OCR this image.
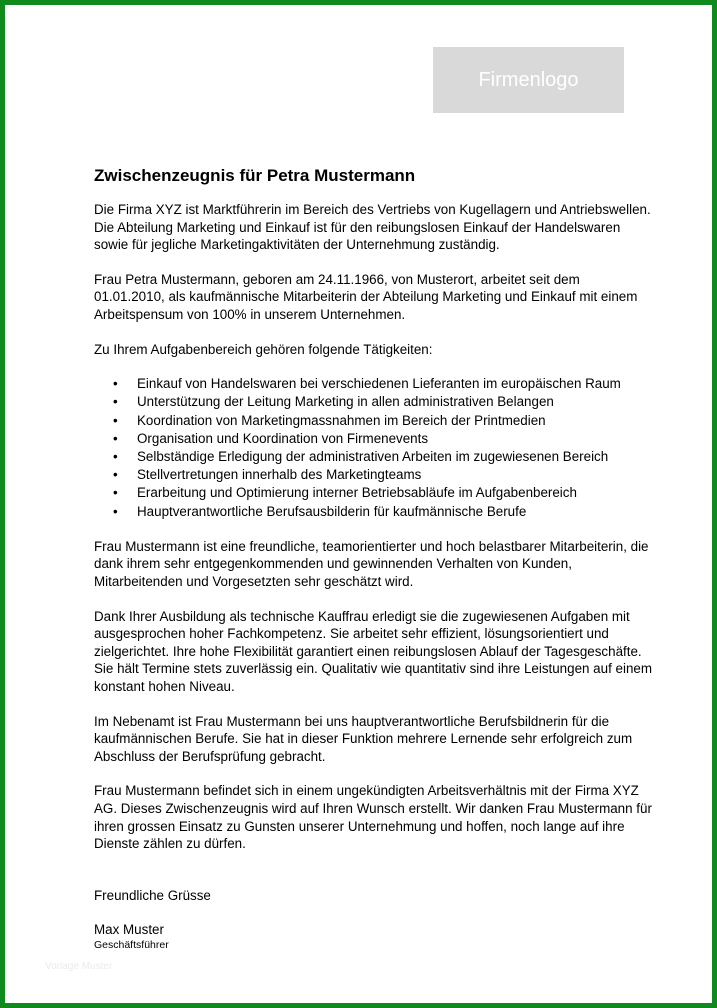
Firmenlogo
Zwischenzeugnis für Petra Mustermann

Die Firma XYZ ist Marktführerin im Bereich des Vertriebs von Kugellagern und Antriebswellen. Die Abteilung Marketing und Einkauf ist für den reibungslosen Einkauf der Handelswaren sowie für jegliche Marketingaktivitäten der Unternehmung zuständig.

Frau Petra Mustermann, geboren am 24.11.1966, von Musterort, arbeitet seit dem 01.01.2010, als kaufmännische Mitarbeiterin der Abteilung Marketing und Einkauf mit einem Arbeitspensum von 100% in unserem Unternehmen.

Zu Ihrem Aufgabenbereich gehören folgende Tätigkeiten:

• Einkauf von Handelswaren bei verschiedenen Lieferanten im europäischen Raum
• Unterstützung der Leitung Marketing in allen administrativen Belangen
• Koordination von Marketingmassnahmen im Bereich der Printmedien
• Organisation und Koordination von Firmenevents
• Selbständige Erledigung der administrativen Arbeiten im zugewiesenen Bereich
• Stellvertretungen innerhalb des Marketingteams
• Erarbeitung und Optimierung interner Betriebsabläufe im Aufgabenbereich
• Hauptverantwortliche Berufsausbilderin für kaufmännische Berufe

Frau Mustermann ist eine freundliche, teamorientierter und hoch belastbarer Mitarbeiterin, die dank ihrem sehr entgegenkommenden und gewinnenden Verhalten von Kunden, Mitarbeitenden und Vorgesetzten sehr geschätzt wird.

Dank Ihrer Ausbildung als technische Kauffrau erledigt sie die zugewiesenen Aufgaben mit ausgesprochen hoher Fachkompetenz. Sie arbeitet sehr effizient, lösungsorientiert und zielgerichtet. Ihre hohe Flexibilität garantiert einen reibungslosen Ablauf der Tagesgeschäfte. Sie hält Termine stets zuverlässig ein. Qualitativ wie quantitativ sind ihre Leistungen auf einem konstant hohen Niveau.

Im Nebenamt ist Frau Mustermann bei uns hauptverantwortliche Berufsbildnerin für die kaufmännischen Berufe. Sie hat in dieser Funktion mehrere Lernende sehr erfolgreich zum Abschluss der Berufsprüfung gebracht.

Frau Mustermann befindet sich in einem ungekündigten Arbeitsverhältnis mit der Firma XYZ AG. Dieses Zwischenzeugnis wird auf Ihren Wunsch erstellt. Wir danken Frau Mustermann für ihren grossen Einsatz zu Gunsten unserer Unternehmung und hoffen, noch lange auf ihre Dienste zählen zu dürfen.

Freundliche Grüsse

Max Muster

Geschäftsführer

Vorlage Muster
